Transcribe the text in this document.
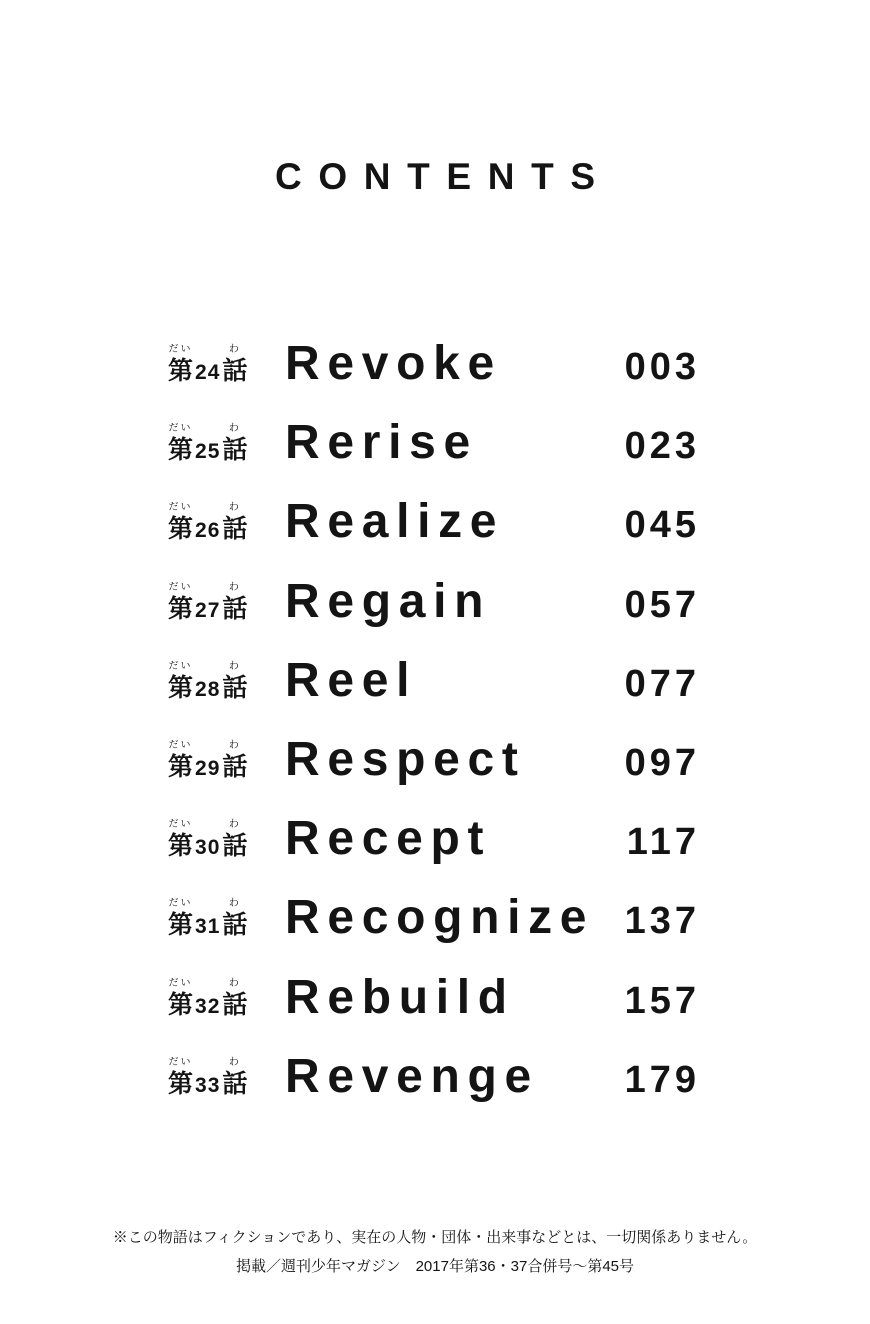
CONTENTS
だい
第 24
わ
話 Revoke	003
だい
第 25
わ
話 Rerise	023
だい
第 26
わ
話 Realize	045
だい
第 27
わ
話 Regain	057
だい
第 28
わ
話 Reel	077
だい
第 29
わ
話 Respect	097
だい
第 30
わ
話 Recept	117
だい
第 31
わ
話 Recognize 137
だい
第 32
わ
話 Rebuild	157
だい
第 33
わ
話 Revenge	179

※この物語はフィクションであり、実在の人物・団体・出来事などとは、一切関係ありません。

掲載／週刊少年マガジン　2017年第36・37合併号～第45号
